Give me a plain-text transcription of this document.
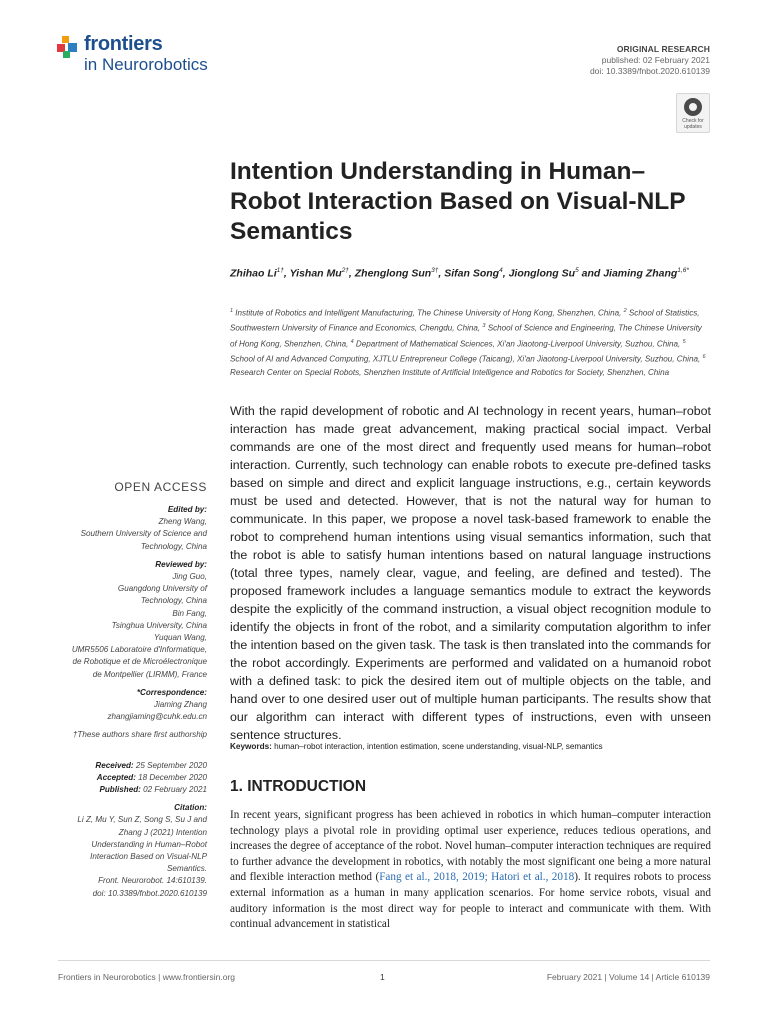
frontiers
in Neurorobotics
ORIGINAL RESEARCH
published: 02 February 2021
doi: 10.3389/fnbot.2020.610139
Check for
updates
Intention Understanding in Human–Robot Interaction Based on Visual-NLP Semantics
Zhihao $Li^{1\dagger}$, Yishan $Mu^{2\dagger}$, Zhenglong Sun$^{3\dagger}$, Sifan Song$^4$, Jionglong Su$^5$ and Jiaming Zhang$^{1,6*}$
$^1$ Institute of Robotics and Intelligent Manufacturing, The Chinese University of Hong Kong, Shenzhen, China, $^2$ School of Statistics, Southwestern University of Finance and Economics, Chengdu, China, $^3$ School of Science and Engineering, The Chinese University of Hong Kong, Shenzhen, China, $^4$ Department of Mathematical Sciences, Xi'an Jiaotong-Liverpool University, Suzhou, China, $^5$ School of AI and Advanced Computing, XJTLU Entrepreneur College (Taicang), Xi'an Jiaotong-Liverpool University, Suzhou, China, $^6$ Research Center on Special Robots, Shenzhen Institute of Artificial Intelligence and Robotics for Society, Shenzhen, China
With the rapid development of robotic and AI technology in recent years, human–robot interaction has made great advancement, making practical social impact. Verbal commands are one of the most direct and frequently used means for human–robot interaction. Currently, such technology can enable robots to execute pre-defined tasks based on simple and direct and explicit language instructions, e.g., certain keywords must be used and detected. However, that is not the natural way for human to communicate. In this paper, we propose a novel task-based framework to enable the robot to comprehend human intentions using visual semantics information, such that the robot is able to satisfy human intentions based on natural language instructions (total three types, namely clear, vague, and feeling, are defined and tested). The proposed framework includes a language semantics module to extract the keywords despite the explicitly of the command instruction, a visual object recognition module to identify the objects in front of the robot, and a similarity computation algorithm to infer the intention based on the given task. The task is then translated into the commands for the robot accordingly. Experiments are performed and validated on a humanoid robot with a defined task: to pick the desired item out of multiple objects on the table, and hand over to one desired user out of multiple human participants. The results show that our algorithm can interact with different types of instructions, even with unseen sentence structures.
Keywords: human–robot interaction, intention estimation, scene understanding, visual-NLP, semantics
1. INTRODUCTION
In recent years, significant progress has been achieved in robotics in which human–computer interaction technology plays a pivotal role in providing optimal user experience, reduces tedious operations, and increases the degree of acceptance of the robot. Novel human–computer interaction techniques are required to further advance the development in robotics, with notably the most significant one being a more natural and flexible interaction method (Fang et al., 2018, 2019; Hatori et al., 2018). It requires robots to process external information as a human in many application scenarios. For home service robots, visual and auditory information is the most direct way for people to interact and communicate with them. With continual advancement in statistical
OPEN ACCESS
Edited by:
Zheng Wang,
Southern University of Science and
Technology, China
Reviewed by:
Jing Guo,
Guangdong University of
Technology, China
Bin Fang,
Tsinghua University, China
Yuquan Wang,
UMR5506 Laboratoire d'Informatique,
de Robotique et de Microélectronique
de Montpellier (LIRMM), France
*Correspondence:
Jiaming Zhang
zhangjiaming@cuhk.edu.cn
†These authors share first authorship
Received: 25 September 2020
Accepted: 18 December 2020
Published: 02 February 2021
Citation:
Li Z, Mu Y, Sun Z, Song S, Su J and
Zhang J (2021) Intention
Understanding in Human–Robot
Interaction Based on Visual-NLP
Semantics.
Front. Neurorobot. 14:610139.
doi: 10.3389/fnbot.2020.610139
Frontiers in Neurorobotics | www.frontiersin.org	1	February 2021 | Volume 14 | Article 610139
